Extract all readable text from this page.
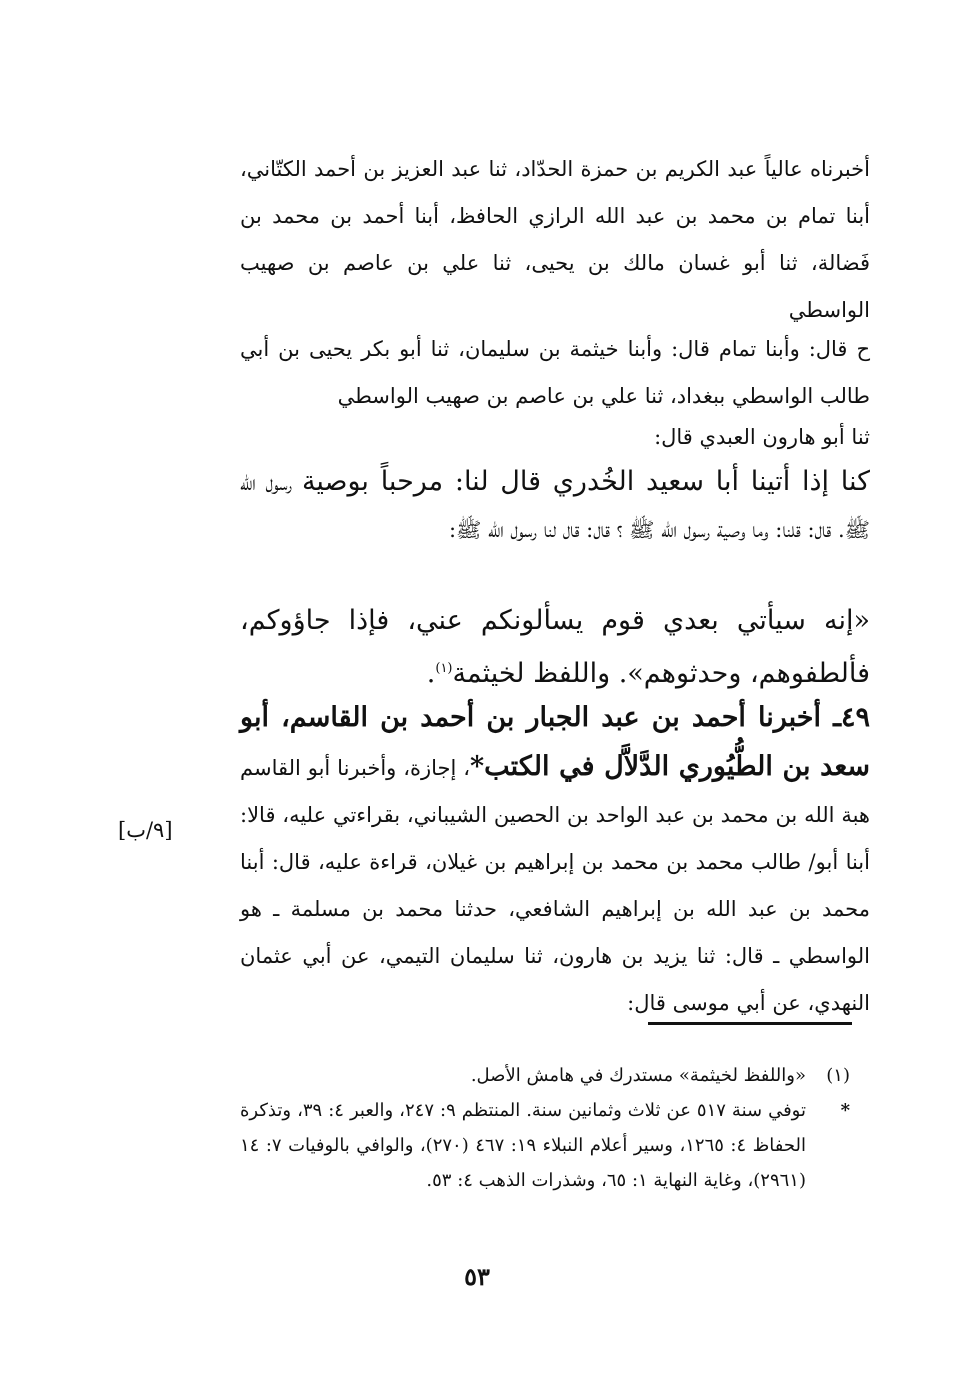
أخبرناه عالياً عبد الكريم بن حمزة الحدّاد، ثنا عبد العزيز بن أحمد الكتّاني، أبنا تمام بن محمد بن عبد الله الرازي الحافظ، أبنا أحمد بن محمد بن فَضالة، ثنا أبو غسان مالك بن يحيى، ثنا علي بن عاصم بن صهيب الواسطي
ح قال: وأبنا تمام قال: وأبنا خيثمة بن سليمان، ثنا أبو بكر يحيى بن أبي طالب الواسطي ببغداد، ثنا علي بن عاصم بن صهيب الواسطي
ثنا أبو هارون العبدي قال:
كنا إذا أتينا أبا سعيد الخُدري قال لنا: مرحباً بوصية رسول الله ﷺ. قال: قلنا: وما وصية رسول الله ﷺ ؟ قال: قال لنا رسول الله ﷺ:
«إنه سيأتي بعدي قوم يسألونكم عني، فإذا جاؤوكم، فألطفوهم، وحدثوهم». واللفظ لخيثمة$^{(١)}$.
٤٩ـ أخبرنا أحمد بن عبد الجبار بن أحمد بن القاسم، أبو سعد بن الطُّيُوري الدَّلاَّل في الكتب*، إجازة، وأخبرنا أبو القاسم هبة الله بن محمد بن عبد الواحد بن الحصين الشيباني، بقراءتي عليه، قالا: أبنا أبو/ طالب محمد بن محمد بن إبراهيم بن غيلان، قراءة عليه، قال: أبنا محمد بن عبد الله بن إبراهيم الشافعي، حدثنا محمد بن مسلمة ـ هو الواسطي ـ قال: ثنا يزيد بن هارون، ثنا سليمان التيمي، عن أبي عثمان النهدي، عن أبي موسى قال:
[٩/ب]
(١)
«واللفظ لخيثمة» مستدرك في هامش الأصل.
*
توفي سنة ٥١٧ عن ثلاث وثمانين سنة. المنتظم ٩: ٢٤٧، والعبر ٤: ٣٩، وتذكرة الحفاظ ٤: ١٢٦٥، وسير أعلام النبلاء ١٩: ٤٦٧ (٢٧٠)، والوافي بالوفيات ٧: ١٤ (٢٩٦١)، وغاية النهاية ١: ٦٥، وشذرات الذهب ٤: ٥٣.
٥٣
